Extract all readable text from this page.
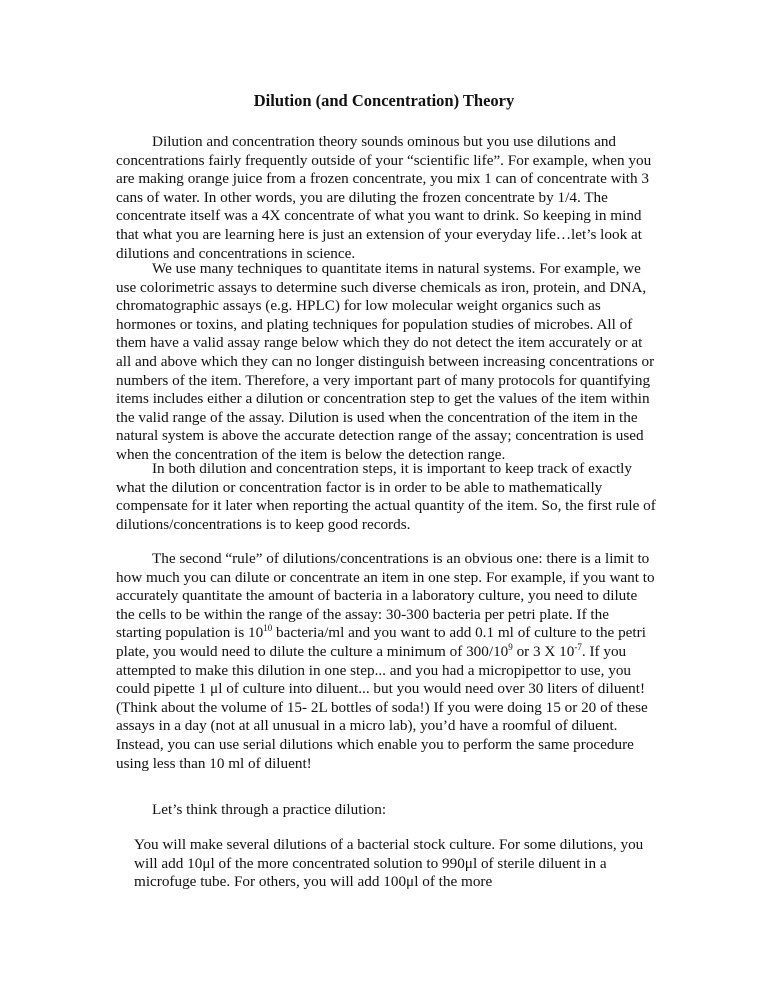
Dilution (and Concentration) Theory

Dilution and concentration theory sounds ominous but you use dilutions and concentrations fairly frequently outside of your “scientific life”. For example, when you are making orange juice from a frozen concentrate, you mix 1 can of concentrate with 3 cans of water. In other words, you are diluting the frozen concentrate by 1/4. The concentrate itself was a 4X concentrate of what you want to drink. So keeping in mind that what you are learning here is just an extension of your everyday life…let’s look at dilutions and concentrations in science.

We use many techniques to quantitate items in natural systems. For example, we use colorimetric assays to determine such diverse chemicals as iron, protein, and DNA, chromatographic assays (e.g. HPLC) for low molecular weight organics such as hormones or toxins, and plating techniques for population studies of microbes. All of them have a valid assay range below which they do not detect the item accurately or at all and above which they can no longer distinguish between increasing concentrations or numbers of the item. Therefore, a very important part of many protocols for quantifying items includes either a dilution or concentration step to get the values of the item within the valid range of the assay. Dilution is used when the concentration of the item in the natural system is above the accurate detection range of the assay; concentration is used when the concentration of the item is below the detection range.

In both dilution and concentration steps, it is important to keep track of exactly what the dilution or concentration factor is in order to be able to mathematically compensate for it later when reporting the actual quantity of the item. So, the first rule of dilutions/concentrations is to keep good records.

The second “rule” of dilutions/concentrations is an obvious one: there is a limit to how much you can dilute or concentrate an item in one step. For example, if you want to accurately quantitate the amount of bacteria in a laboratory culture, you need to dilute the cells to be within the range of the assay: 30-300 bacteria per petri plate. If the starting population is $10^{10}$ bacteria/ml and you want to add 0.1 ml of culture to the petri plate, you would need to dilute the culture a minimum of $300/10^9$ or 3 X $10^{-7}$. If you attempted to make this dilution in one step... and you had a micropipettor to use, you could pipette 1 μl of culture into diluent... but you would need over 30 liters of diluent! (Think about the volume of 15- 2L bottles of soda!) If you were doing 15 or 20 of these assays in a day (not at all unusual in a micro lab), you’d have a roomful of diluent. Instead, you can use serial dilutions which enable you to perform the same procedure using less than 10 ml of diluent!

Let’s think through a practice dilution:

You will make several dilutions of a bacterial stock culture. For some dilutions, you will add 10μl of the more concentrated solution to 990μl of sterile diluent in a microfuge tube. For others, you will add 100μl of the more
